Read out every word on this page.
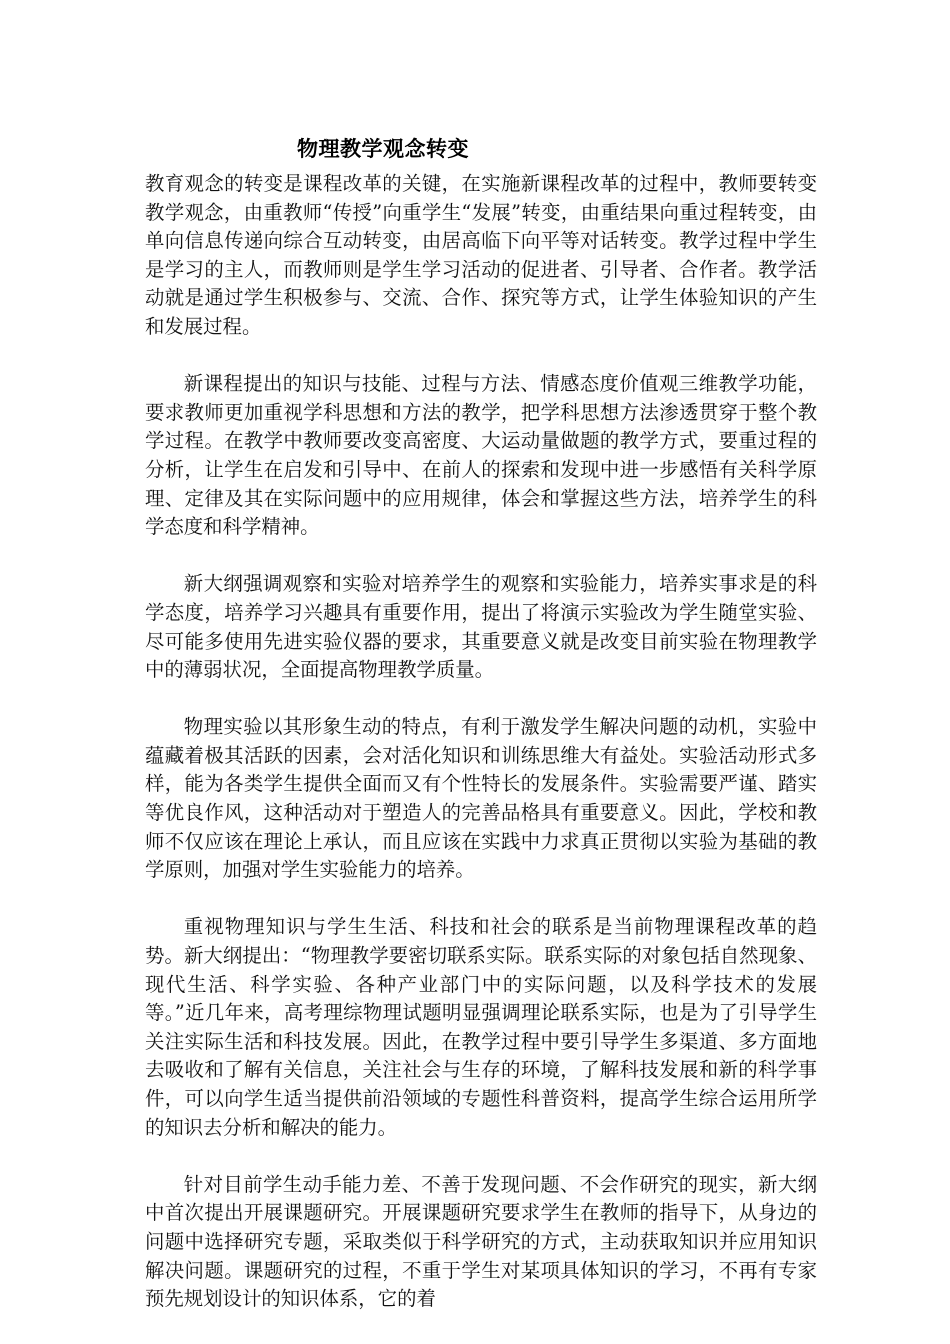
物理教学观念转变

教育观念的转变是课程改革的关键，在实施新课程改革的过程中，教师要转变教学观念，由重教师“传授”向重学生“发展”转变，由重结果向重过程转变，由单向信息传递向综合互动转变，由居高临下向平等对话转变。教学过程中学生是学习的主人，而教师则是学生学习活动的促进者、引导者、合作者。教学活动就是通过学生积极参与、交流、合作、探究等方式，让学生体验知识的产生和发展过程。

新课程提出的知识与技能、过程与方法、情感态度价值观三维教学功能，要求教师更加重视学科思想和方法的教学，把学科思想方法渗透贯穿于整个教学过程。在教学中教师要改变高密度、大运动量做题的教学方式，要重过程的分析，让学生在启发和引导中、在前人的探索和发现中进一步感悟有关科学原理、定律及其在实际问题中的应用规律，体会和掌握这些方法，培养学生的科学态度和科学精神。

新大纲强调观察和实验对培养学生的观察和实验能力，培养实事求是的科学态度，培养学习兴趣具有重要作用，提出了将演示实验改为学生随堂实验、尽可能多使用先进实验仪器的要求，其重要意义就是改变目前实验在物理教学中的薄弱状况，全面提高物理教学质量。

物理实验以其形象生动的特点，有利于激发学生解决问题的动机，实验中蕴藏着极其活跃的因素，会对活化知识和训练思维大有益处。实验活动形式多样，能为各类学生提供全面而又有个性特长的发展条件。实验需要严谨、踏实等优良作风，这种活动对于塑造人的完善品格具有重要意义。因此，学校和教师不仅应该在理论上承认，而且应该在实践中力求真正贯彻以实验为基础的教学原则，加强对学生实验能力的培养。

重视物理知识与学生生活、科技和社会的联系是当前物理课程改革的趋势。新大纲提出：“物理教学要密切联系实际。联系实际的对象包括自然现象、现代生活、科学实验、各种产业部门中的实际问题，以及科学技术的发展等。”近几年来，高考理综物理试题明显强调理论联系实际，也是为了引导学生关注实际生活和科技发展。因此，在教学过程中要引导学生多渠道、多方面地去吸收和了解有关信息，关注社会与生存的环境，了解科技发展和新的科学事件，可以向学生适当提供前沿领域的专题性科普资料，提高学生综合运用所学的知识去分析和解决的能力。

针对目前学生动手能力差、不善于发现问题、不会作研究的现实，新大纲中首次提出开展课题研究。开展课题研究要求学生在教师的指导下，从身边的问题中选择研究专题，采取类似于科学研究的方式，主动获取知识并应用知识解决问题。课题研究的过程，不重于学生对某项具体知识的学习，不再有专家预先规划设计的知识体系，它的着
